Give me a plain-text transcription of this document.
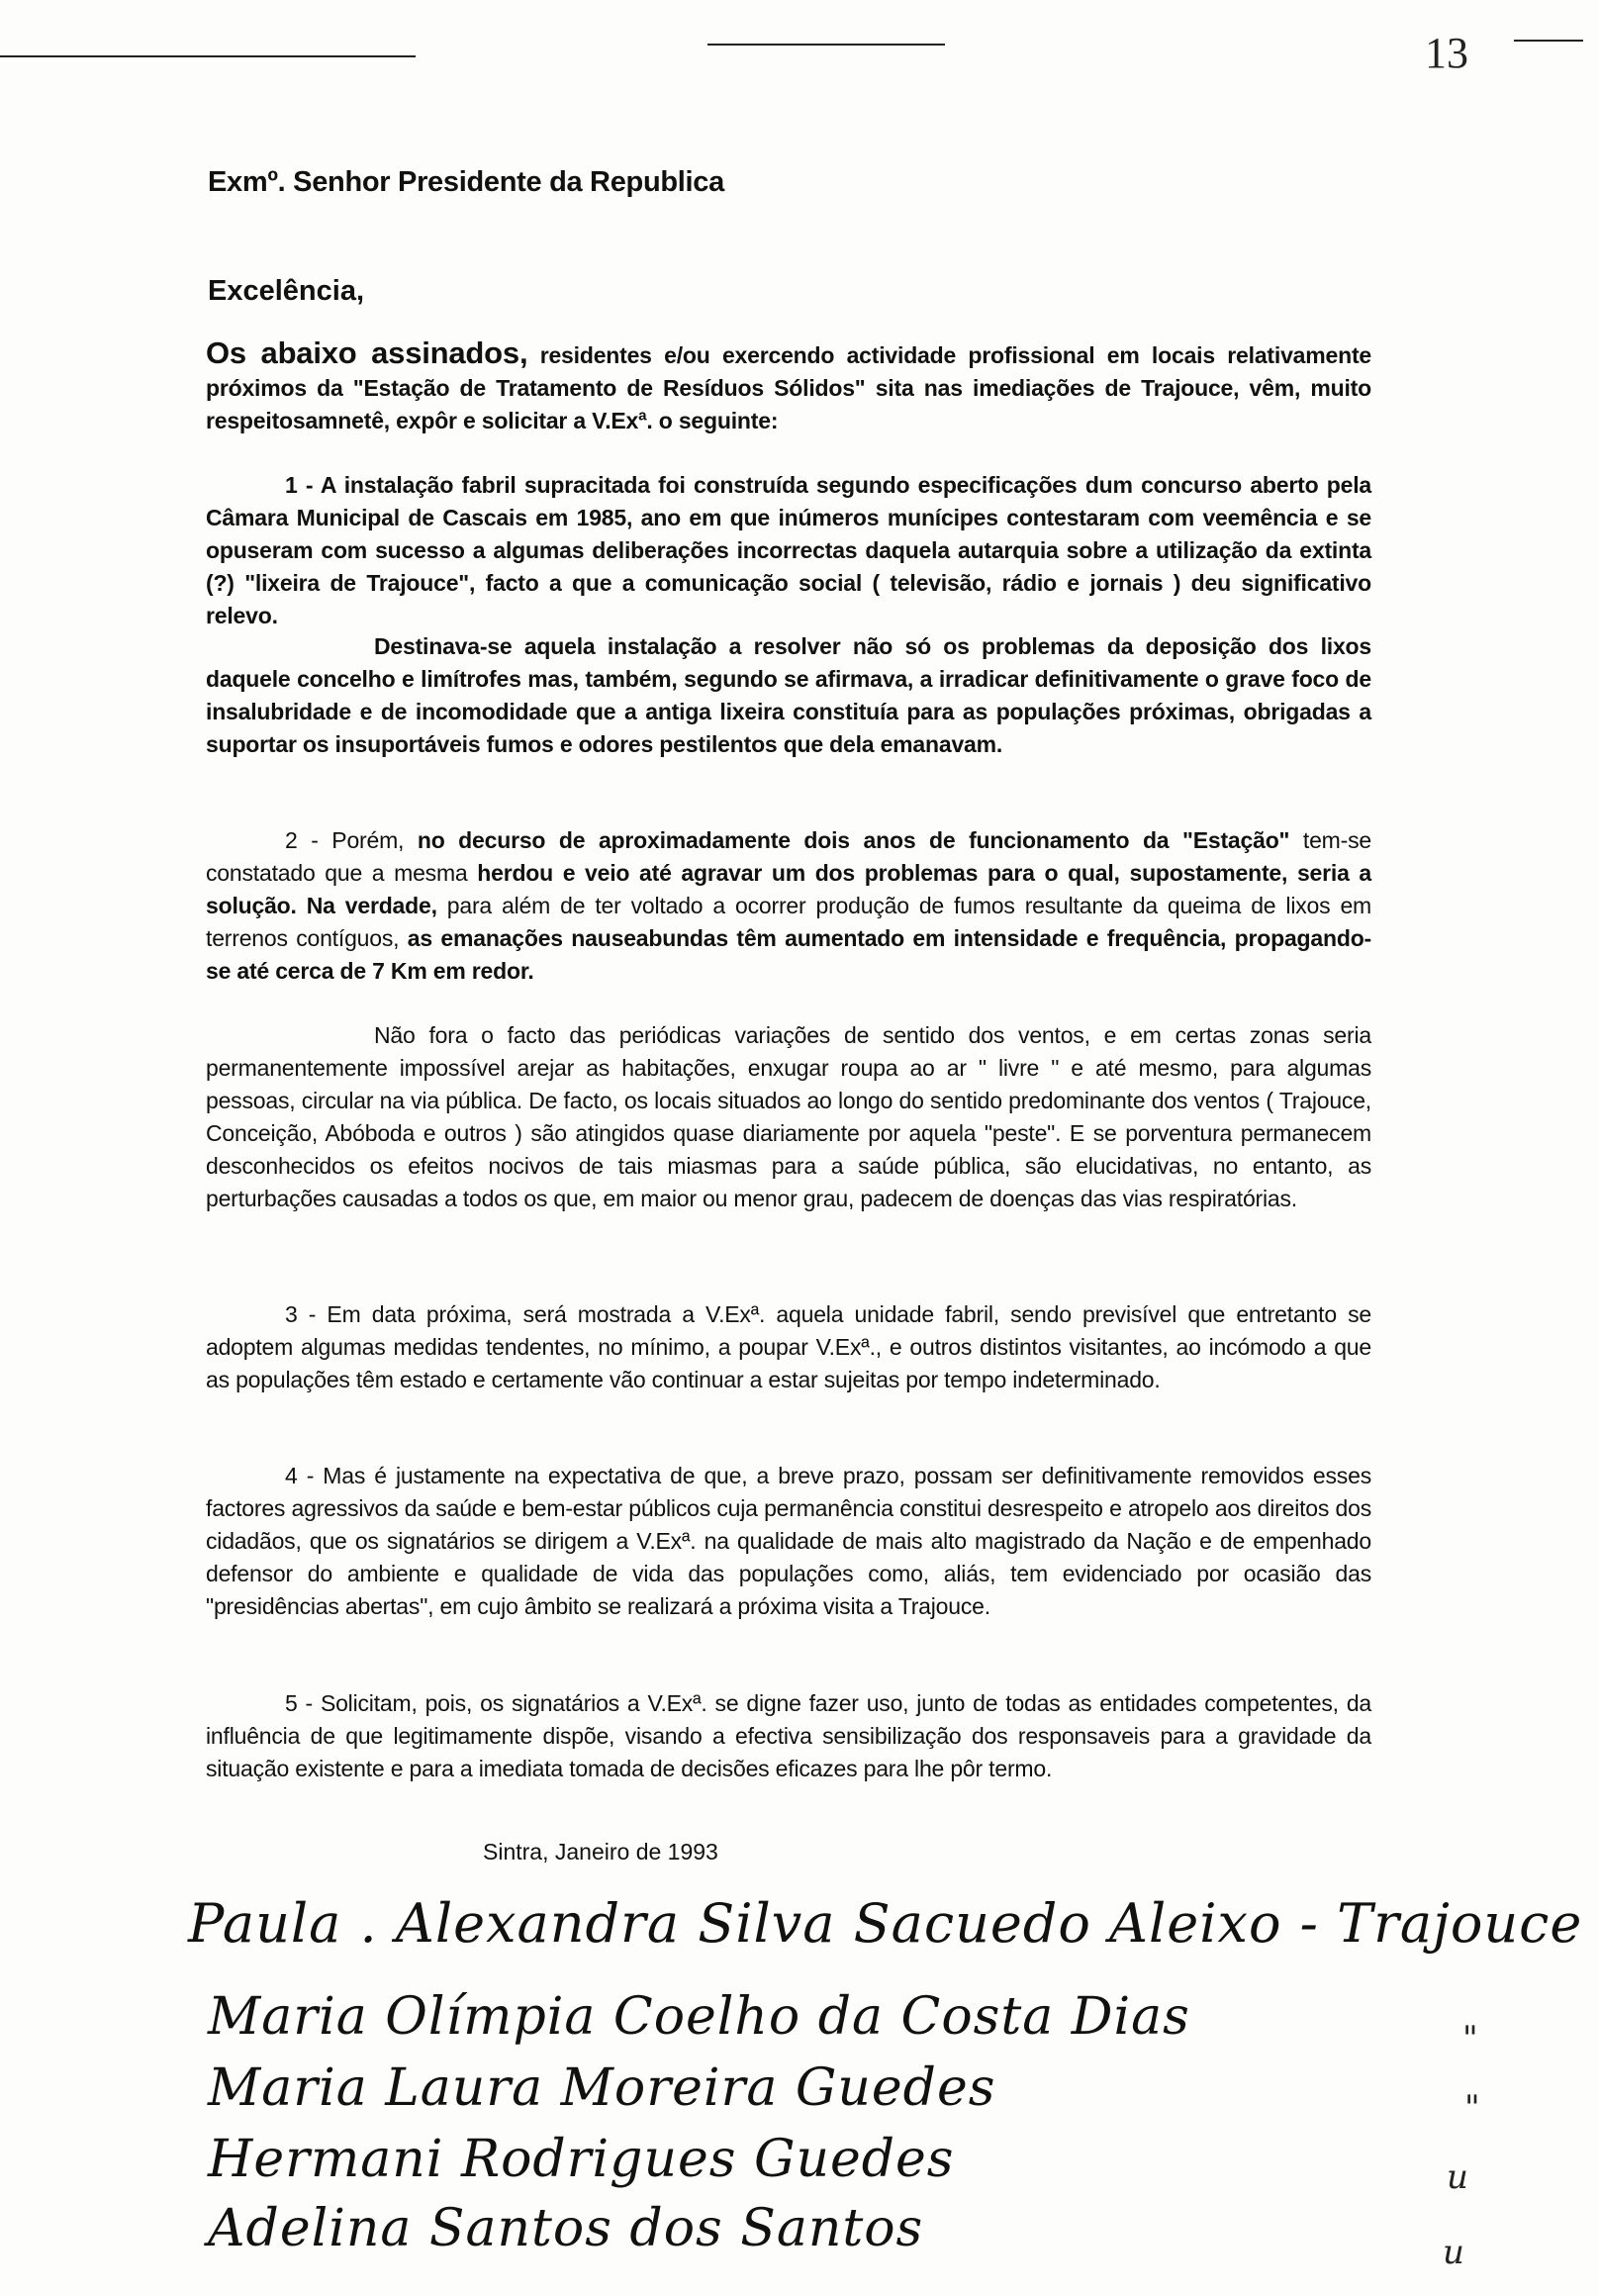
13
Exmº. Senhor Presidente da Republica
Excelência,
Os abaixo assinados, residentes e/ou exercendo actividade profissional em locais relativamente próximos da "Estação de Tratamento de Resíduos Sólidos" sita nas imediações de Trajouce, vêm, muito respeitosamnetê, expôr e solicitar a V.Exª. o seguinte:
1 - A instalação fabril supracitada foi construída segundo especificações dum concurso aberto pela Câmara Municipal de Cascais em 1985, ano em que inúmeros munícipes contestaram com veemência e se opuseram com sucesso a algumas deliberações incorrectas daquela autarquia sobre a utilização da extinta (?) "lixeira de Trajouce", facto a que a comunicação social ( televisão, rádio e jornais ) deu significativo relevo.
Destinava-se aquela instalação a resolver não só os problemas da deposição dos lixos daquele concelho e limítrofes mas, também, segundo se afirmava, a irradicar definitivamente o grave foco de insalubridade e de incomodidade que a antiga lixeira constituía para as populações próximas, obrigadas a suportar os insuportáveis fumos e odores pestilentos que dela emanavam.
2 - Porém, no decurso de aproximadamente dois anos de funcionamento da "Estação" tem-se constatado que a mesma herdou e veio até agravar um dos problemas para o qual, supostamente, seria a solução. Na verdade, para além de ter voltado a ocorrer produção de fumos resultante da queima de lixos em terrenos contíguos, as emanações nauseabundas têm aumentado em intensidade e frequência, propagando-se até cerca de 7 Km em redor.
Não fora o facto das periódicas variações de sentido dos ventos, e em certas zonas seria permanentemente impossível arejar as habitações, enxugar roupa ao ar " livre " e até mesmo, para algumas pessoas, circular na via pública. De facto, os locais situados ao longo do sentido predominante dos ventos ( Trajouce, Conceição, Abóboda e outros ) são atingidos quase diariamente por aquela "peste". E se porventura permanecem desconhecidos os efeitos nocivos de tais miasmas para a saúde pública, são elucidativas, no entanto, as perturbações causadas a todos os que, em maior ou menor grau, padecem de doenças das vias respiratórias.
3 - Em data próxima, será mostrada a V.Exª. aquela unidade fabril, sendo previsível que entretanto se adoptem algumas medidas tendentes, no mínimo, a poupar V.Exª., e outros distintos visitantes, ao incómodo a que as populações têm estado e certamente vão continuar a estar sujeitas por tempo indeterminado.
4 - Mas é justamente na expectativa de que, a breve prazo, possam ser definitivamente removidos esses factores agressivos da saúde e bem-estar públicos cuja permanência constitui desrespeito e atropelo aos direitos dos cidadãos, que os signatários se dirigem a V.Exª. na qualidade de mais alto magistrado da Nação e de empenhado defensor do ambiente e qualidade de vida das populações como, aliás, tem evidenciado por ocasião das "presidências abertas", em cujo âmbito se realizará a próxima visita a Trajouce.
5 - Solicitam, pois, os signatários a V.Exª. se digne fazer uso, junto de todas as entidades competentes, da influência de que legitimamente dispõe, visando a efectiva sensibilização dos responsaveis para a gravidade da situação existente e para a imediata tomada de decisões eficazes para lhe pôr termo.
Sintra, Janeiro de 1993
Paula . Alexandra Silva Sacuedo Aleixo - Trajouce
Maria Olímpia Coelho da Costa Dias
Maria Laura Moreira Guedes
Hermani Rodrigues Guedes
Adelina Santos dos Santos
"
"
u
u
